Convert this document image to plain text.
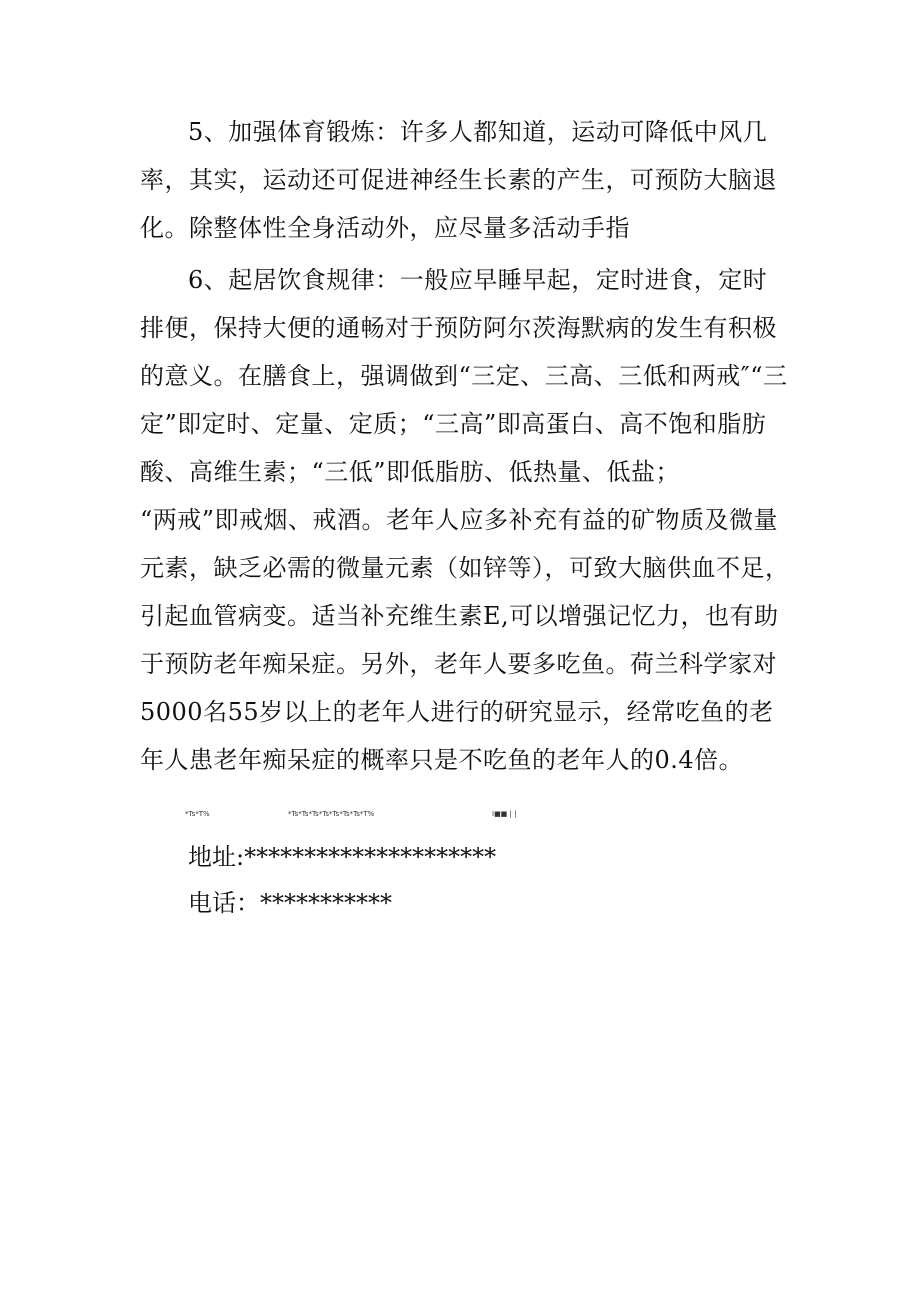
5、加强体育锻炼：许多人都知道，运动可降低中风几率，其实，运动还可促进神经生长素的产生，可预防大脑退化。除整体性全身活动外，应尽量多活动手指

6、起居饮食规律：一般应早睡早起，定时进食，定时排便，保持大便的通畅对于预防阿尔茨海默病的发生有积极的意义。在膳食上，强调做到“三定、三高、三低和两戒″“三定”即定时、定量、定质；“三高”即高蛋白、高不饱和脂肪酸、高维生素；“三低”即低脂肪、低热量、低盐；

“两戒”即戒烟、戒酒。老年人应多补充有益的矿物质及微量元素，缺乏必需的微量元素（如锌等），可致大脑供血不足，引起血管病变。适当补充维生素E,可以增强记忆力，也有助于预防老年痴呆症。另外，老年人要多吃鱼。荷兰科学家对5000名55岁以上的老年人进行的研究显示，经常吃鱼的老年人患老年痴呆症的概率只是不吃鱼的老年人的0.4倍。

*Ts*T%	*Ts*Ts*Ts*Ts*Ts*Ts*Ts*T%	I■■ | |
地址:*********************
电话：***********
